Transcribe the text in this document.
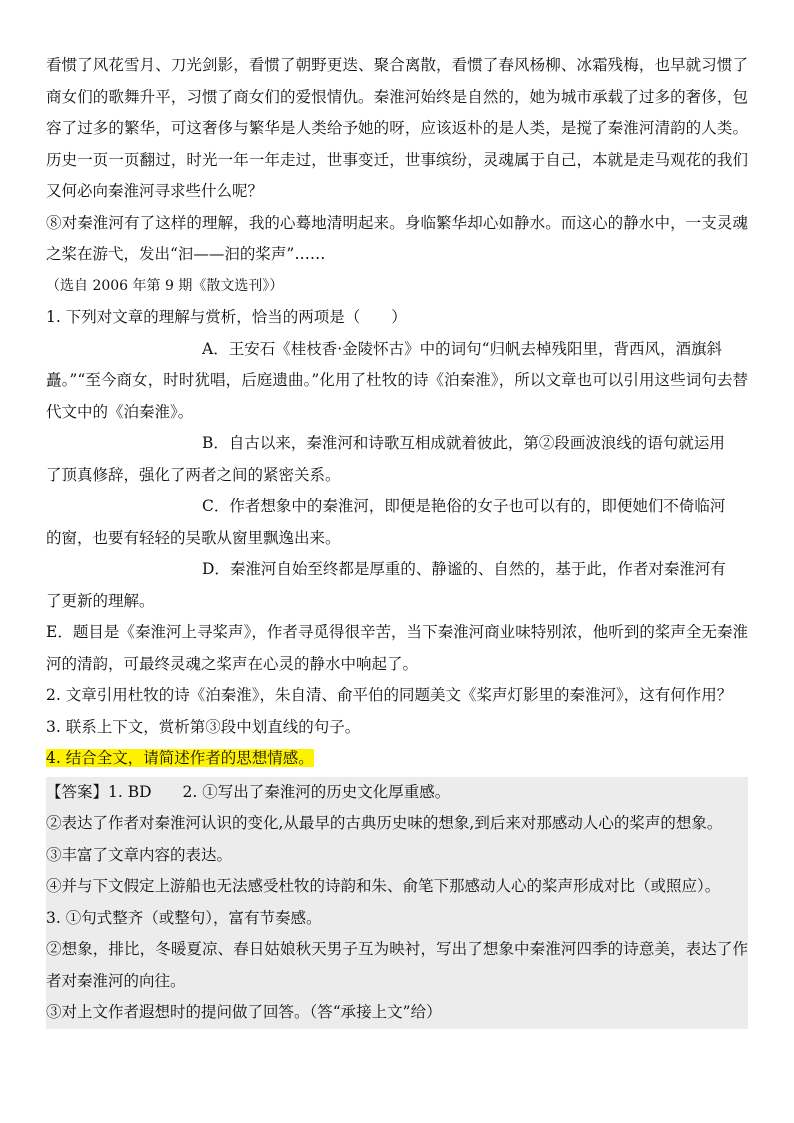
看惯了风花雪月、刀光剑影，看惯了朝野更迭、聚合离散，看惯了春风杨柳、冰霜残梅，也早就习惯了商女们的歌舞升平，习惯了商女们的爱恨情仇。秦淮河始终是自然的，她为城市承载了过多的奢侈，包容了过多的繁华，可这奢侈与繁华是人类给予她的呀，应该返朴的是人类，是搅了秦淮河清韵的人类。历史一页一页翻过，时光一年一年走过，世事变迁，世事缤纷，灵魂属于自己，本就是走马观花的我们又何必向秦淮河寻求些什么呢？

⑧对秦淮河有了这样的理解，我的心蓦地清明起来。身临繁华却心如静水。而这心的静水中，一支灵魂之桨在游弋，发出“汩——汩的桨声”……

（选自 2006 年第 9 期《散文选刊》）

1. 下列对文章的理解与赏析，恰当的两项是（　　）

A．王安石《桂枝香·金陵怀古》中的词句“归帆去棹残阳里，背西风，酒旗斜

矗。”“至今商女，时时犹唱，后庭遗曲。”化用了杜牧的诗《泊秦淮》，所以文章也可以引用这些词句去替代文中的《泊秦淮》。

B．自古以来，秦淮河和诗歌互相成就着彼此，第②段画波浪线的语句就运用

了顶真修辞，强化了两者之间的紧密关系。

C．作者想象中的秦淮河，即便是艳俗的女子也可以有的，即便她们不倚临河

的窗，也要有轻轻的吴歌从窗里飘逸出来。

D．秦淮河自始至终都是厚重的、静谧的、自然的，基于此，作者对秦淮河有

了更新的理解。

E．题目是《秦淮河上寻桨声》，作者寻觅得很辛苦，当下秦淮河商业味特别浓，他听到的桨声全无秦淮河的清韵，可最终灵魂之桨声在心灵的静水中响起了。

2. 文章引用杜牧的诗《泊秦淮》，朱自清、俞平伯的同题美文《桨声灯影里的秦淮河》，这有何作用？

3. 联系上下文，赏析第③段中划直线的句子。

4. 结合全文，请简述作者的思想情感。

【答案】1. BD　　2. ①写出了秦淮河的历史文化厚重感。

②表达了作者对秦淮河认识的变化,从最早的古典历史味的想象,到后来对那感动人心的桨声的想象。

③丰富了文章内容的表达。

④并与下文假定上游船也无法感受杜牧的诗韵和朱、俞笔下那感动人心的桨声形成对比（或照应）。

3. ①句式整齐（或整句），富有节奏感。

②想象，排比，冬暖夏凉、春日姑娘秋天男子互为映衬，写出了想象中秦淮河四季的诗意美，表达了作者对秦淮河的向往。

③对上文作者遐想时的提问做了回答。（答“承接上文”给）
